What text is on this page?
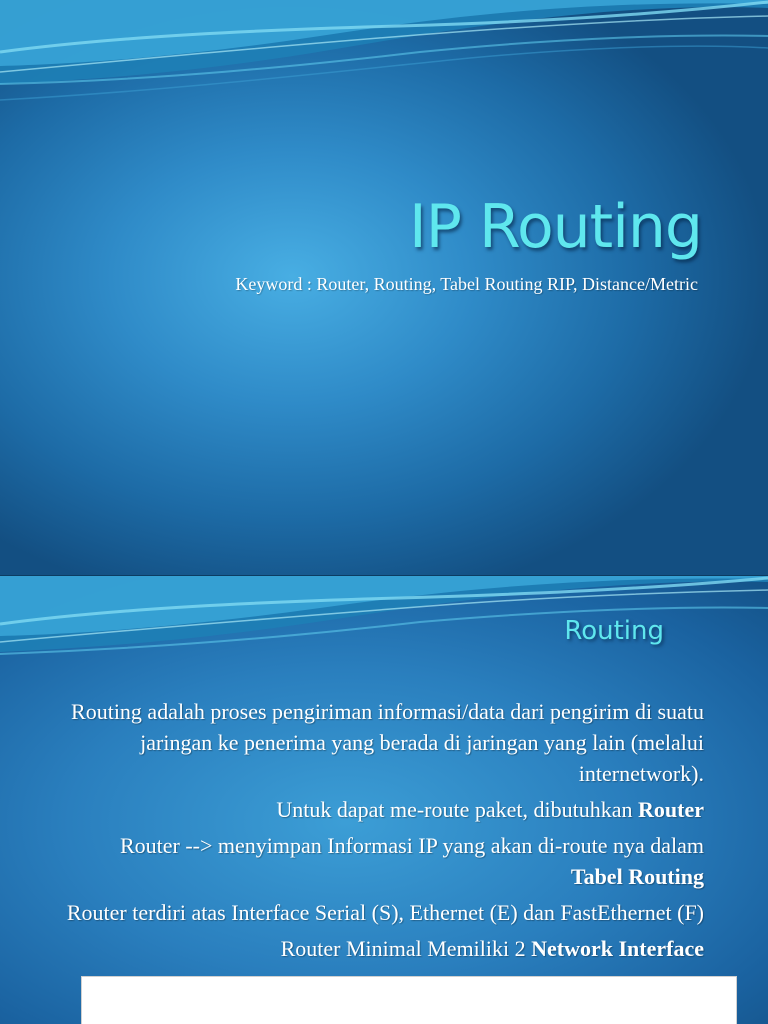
IP Routing

Keyword : Router, Routing, Tabel Routing RIP, Distance/Metric

Routing
Routing adalah proses pengiriman informasi/data dari pengirim di suatu jaringan ke penerima yang berada di jaringan yang lain (melalui internetwork).
Untuk dapat me-route paket, dibutuhkan Router
Router --> menyimpan Informasi IP yang akan di-route nya dalam Tabel Routing
Router terdiri atas Interface Serial (S), Ethernet (E) dan FastEthernet (F)
Router Minimal Memiliki 2 Network Interface
